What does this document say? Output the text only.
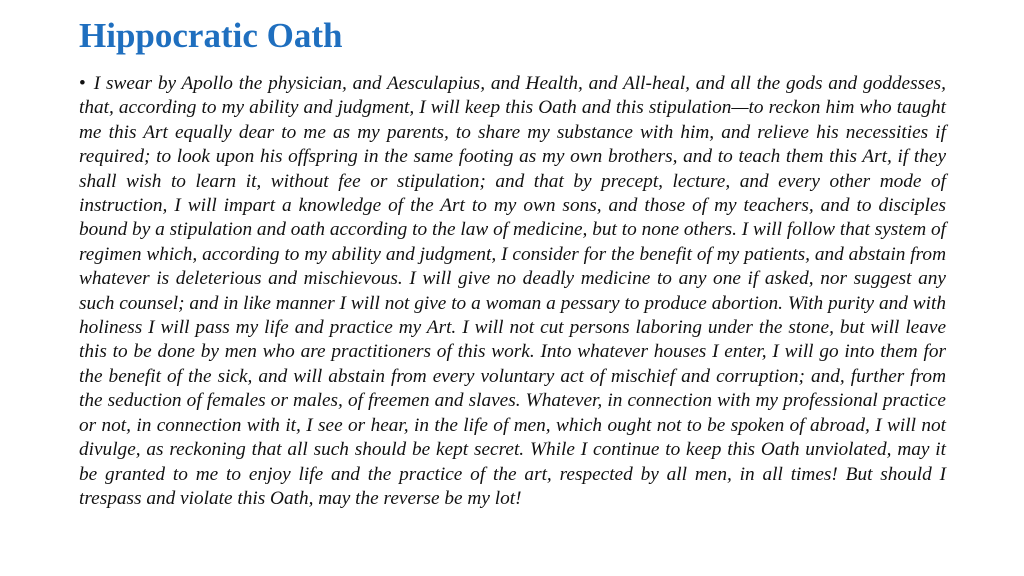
Hippocratic Oath

• I swear by Apollo the physician, and Aesculapius, and Health, and All-heal, and all the gods and goddesses, that, according to my ability and judgment, I will keep this Oath and this stipulation—to reckon him who taught me this Art equally dear to me as my parents, to share my substance with him, and relieve his necessities if required; to look upon his offspring in the same footing as my own brothers, and to teach them this Art, if they shall wish to learn it, without fee or stipulation; and that by precept, lecture, and every other mode of instruction, I will impart a knowledge of the Art to my own sons, and those of my teachers, and to disciples bound by a stipulation and oath according to the law of medicine, but to none others. I will follow that system of regimen which, according to my ability and judgment, I consider for the benefit of my patients, and abstain from whatever is deleterious and mischievous. I will give no deadly medicine to any one if asked, nor suggest any such counsel; and in like manner I will not give to a woman a pessary to produce abortion. With purity and with holiness I will pass my life and practice my Art. I will not cut persons laboring under the stone, but will leave this to be done by men who are practitioners of this work. Into whatever houses I enter, I will go into them for the benefit of the sick, and will abstain from every voluntary act of mischief and corruption; and, further from the seduction of females or males, of freemen and slaves. Whatever, in connection with my professional practice or not, in connection with it, I see or hear, in the life of men, which ought not to be spoken of abroad, I will not divulge, as reckoning that all such should be kept secret. While I continue to keep this Oath unviolated, may it be granted to me to enjoy life and the practice of the art, respected by all men, in all times! But should I trespass and violate this Oath, may the reverse be my lot!
